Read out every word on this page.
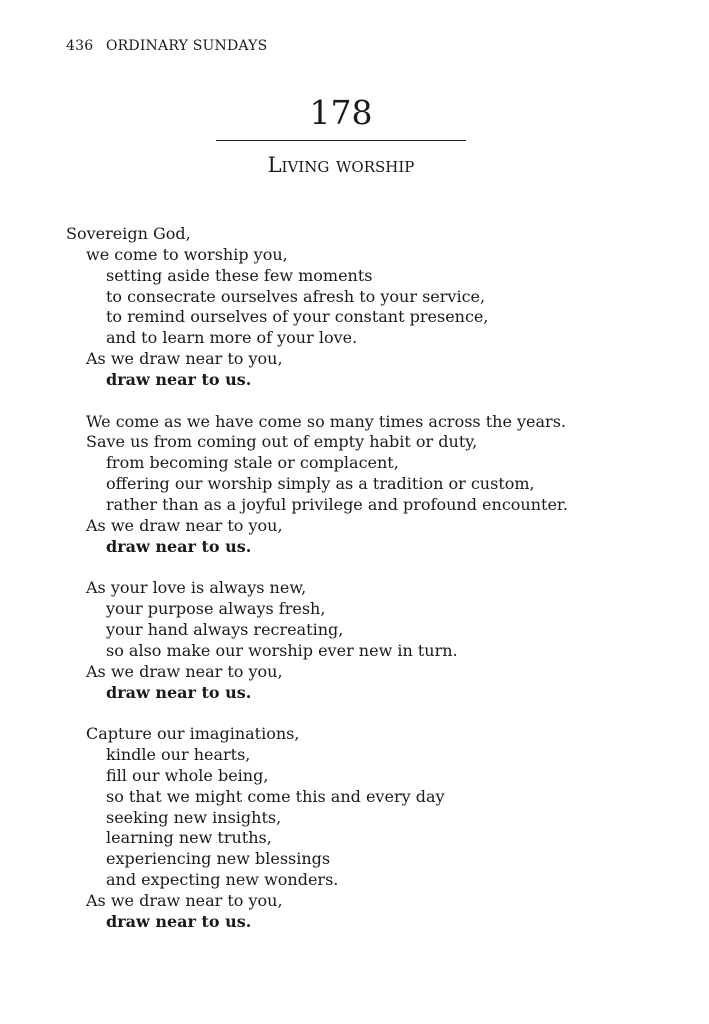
436 ORDINARY SUNDAYS
178
Living worship
Sovereign God,
we come to worship you,
setting aside these few moments
to consecrate ourselves afresh to your service,
to remind ourselves of your constant presence,
and to learn more of your love.
As we draw near to you,
draw near to us.
We come as we have come so many times across the years.
Save us from coming out of empty habit or duty,
from becoming stale or complacent,
offering our worship simply as a tradition or custom,
rather than as a joyful privilege and profound encounter.
As we draw near to you,
draw near to us.
As your love is always new,
your purpose always fresh,
your hand always recreating,
so also make our worship ever new in turn.
As we draw near to you,
draw near to us.
Capture our imaginations,
kindle our hearts,
fill our whole being,
so that we might come this and every day
seeking new insights,
learning new truths,
experiencing new blessings
and expecting new wonders.
As we draw near to you,
draw near to us.
